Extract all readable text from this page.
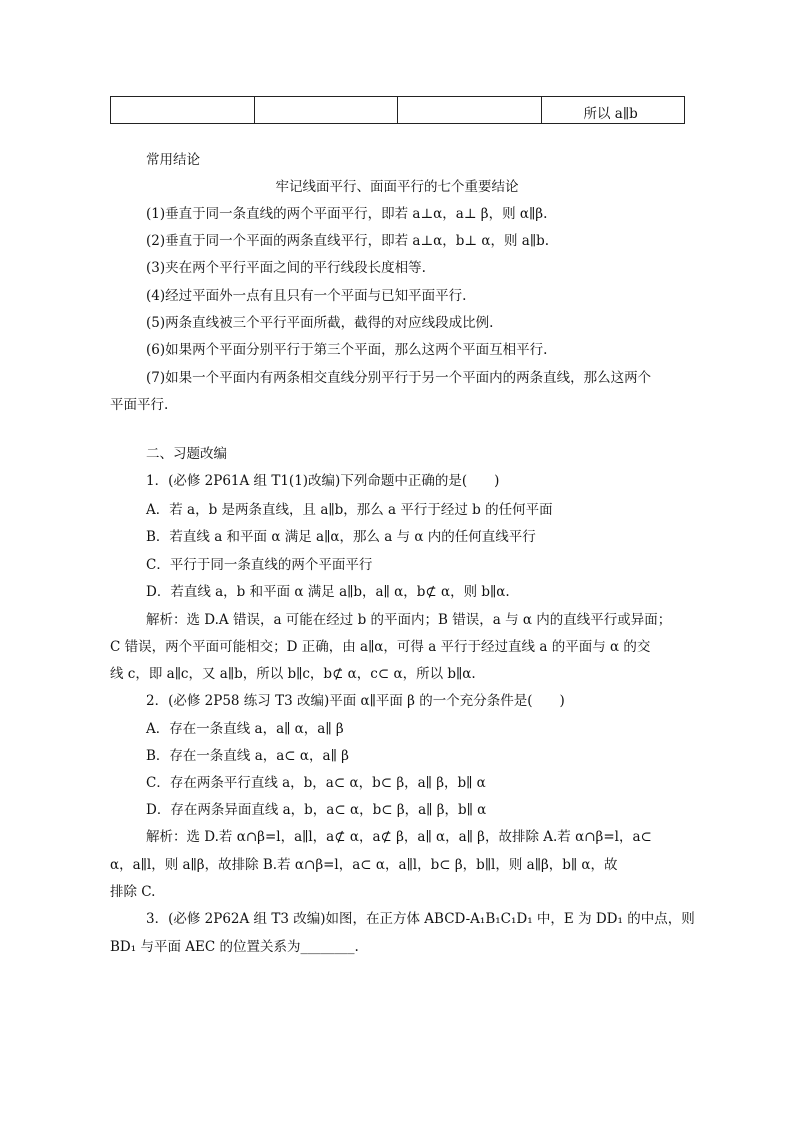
所以 a∥b
常用结论
牢记线面平行、面面平行的七个重要结论
(1)垂直于同一条直线的两个平面平行，即若 a⊥α，a⊥ β，则 α∥β.
(2)垂直于同一个平面的两条直线平行，即若 a⊥α，b⊥ α，则 a∥b.
(3)夹在两个平行平面之间的平行线段长度相等.
(4)经过平面外一点有且只有一个平面与已知平面平行.
(5)两条直线被三个平行平面所截，截得的对应线段成比例.
(6)如果两个平面分别平行于第三个平面，那么这两个平面互相平行.
(7)如果一个平面内有两条相交直线分别平行于另一个平面内的两条直线，那么这两个
平面平行.
二、习题改编
1．(必修 2P61A 组 T1(1)改编)下列命题中正确的是(　　)
A．若 a，b 是两条直线，且 a∥b，那么 a 平行于经过 b 的任何平面
B．若直线 a 和平面 α 满足 a∥α，那么 a 与 α 内的任何直线平行
C．平行于同一条直线的两个平面平行
D．若直线 a，b 和平面 α 满足 a∥b，a∥ α，b⊄ α，则 b∥α.
解析：选 D.A 错误，a 可能在经过 b 的平面内；B 错误，a 与 α 内的直线平行或异面；
C 错误，两个平面可能相交；D 正确，由 a∥α，可得 a 平行于经过直线 a 的平面与 α 的交
线 c，即 a∥c，又 a∥b，所以 b∥c，b⊄ α，c⊂ α，所以 b∥α.
2．(必修 2P58 练习 T3 改编)平面 α∥平面 β 的一个充分条件是(　　)
A．存在一条直线 a，a∥ α，a∥ β
B．存在一条直线 a，a⊂ α，a∥ β
C．存在两条平行直线 a，b，a⊂ α，b⊂ β，a∥ β，b∥ α
D．存在两条异面直线 a，b，a⊂ α，b⊂ β，a∥ β，b∥ α
解析：选 D.若 α∩β=l，a∥l，a⊄ α，a⊄ β，a∥ α，a∥ β，故排除 A.若 α∩β=l，a⊂
α，a∥l，则 a∥β，故排除 B.若 α∩β=l，a⊂ α，a∥l，b⊂ β，b∥l，则 a∥β，b∥ α，故
排除 C.
3．(必修 2P62A 组 T3 改编)如图，在正方体 ABCD-A₁B₁C₁D₁ 中，E 为 DD₁ 的中点，则
BD₁ 与平面 AEC 的位置关系为________.
